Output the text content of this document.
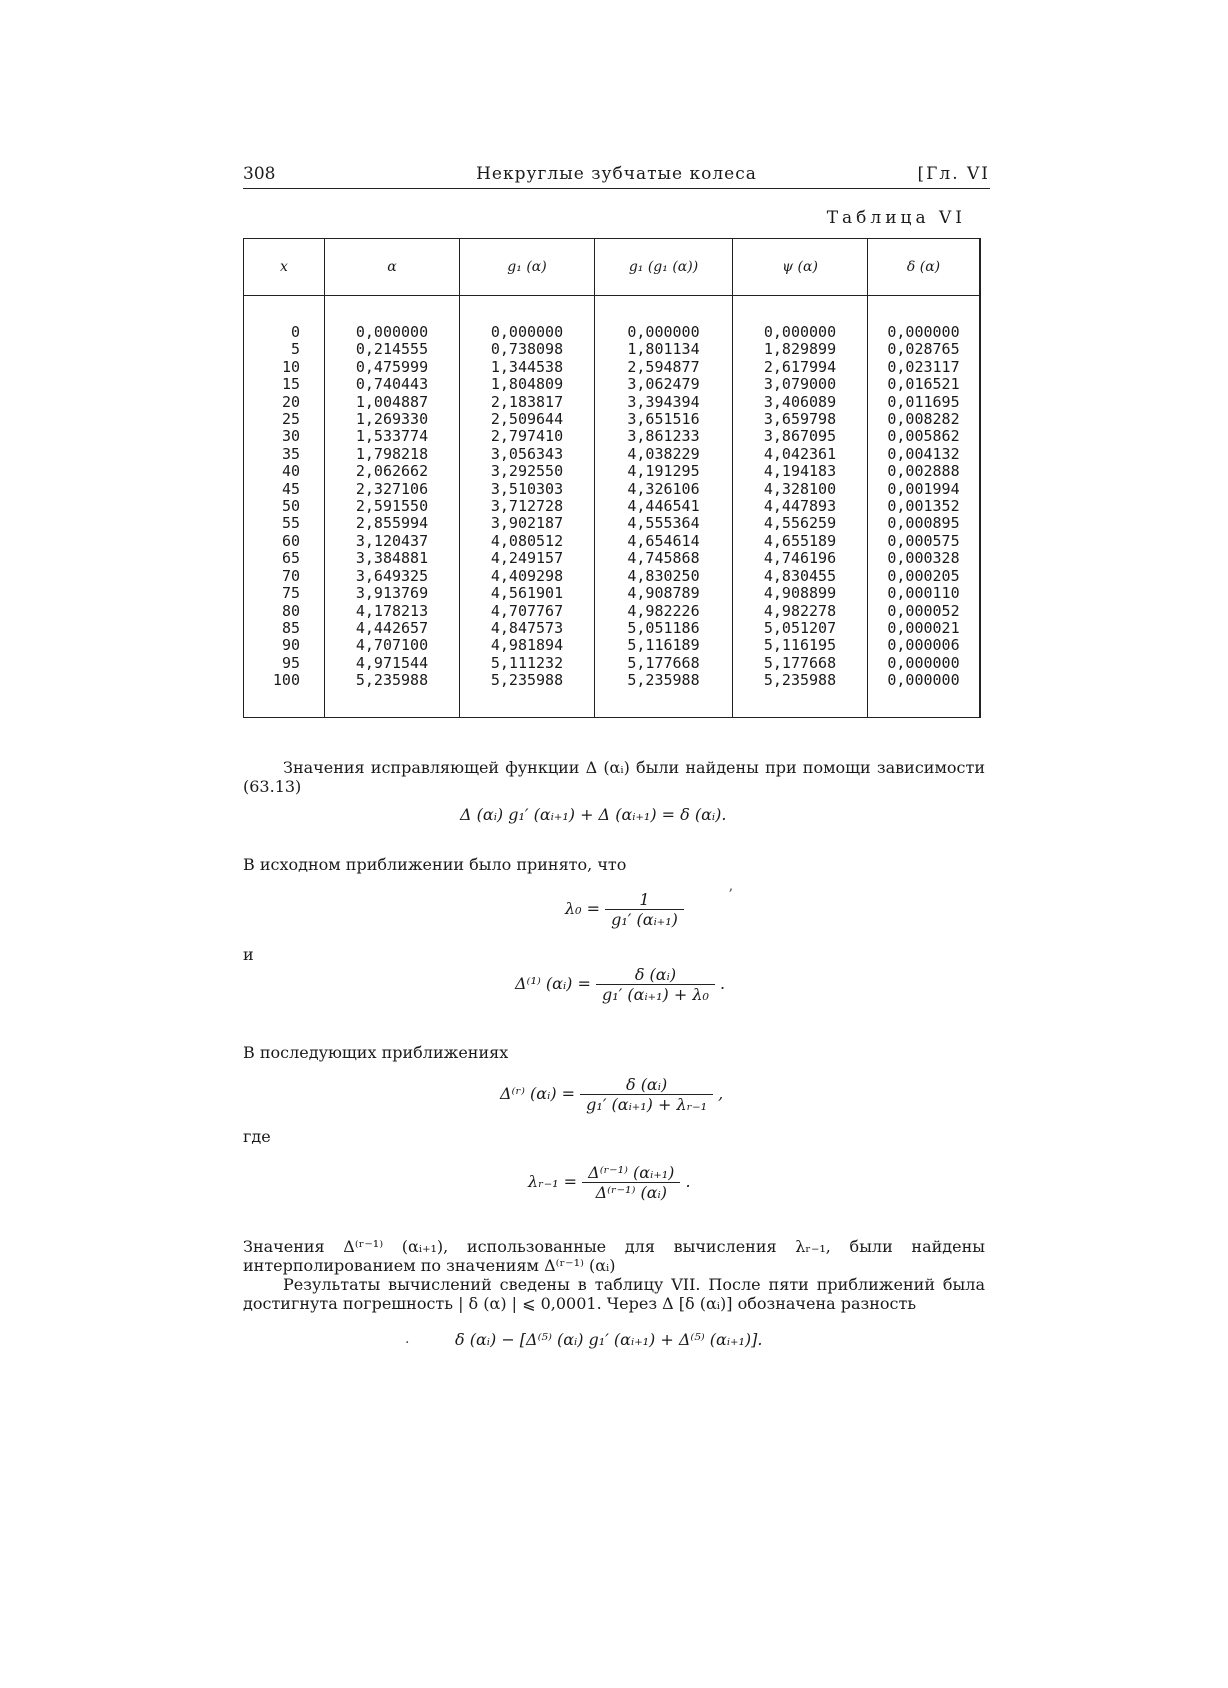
308	Некруглые зубчатые колеса	[Гл. VI
Таблица VI
x
0
5
10
15
20
25
30
35
40
45
50
55
60
65
70
75
80
85
90
95
100
α
0,000000
0,214555
0,475999
0,740443
1,004887
1,269330
1,533774
1,798218
2,062662
2,327106
2,591550
2,855994
3,120437
3,384881
3,649325
3,913769
4,178213
4,442657
4,707100
4,971544
5,235988
g₁ (α)
0,000000
0,738098
1,344538
1,804809
2,183817
2,509644
2,797410
3,056343
3,292550
3,510303
3,712728
3,902187
4,080512
4,249157
4,409298
4,561901
4,707767
4,847573
4,981894
5,111232
5,235988
g₁ (g₁ (α))
0,000000
1,801134
2,594877
3,062479
3,394394
3,651516
3,861233
4,038229
4,191295
4,326106
4,446541
4,555364
4,654614
4,745868
4,830250
4,908789
4,982226
5,051186
5,116189
5,177668
5,235988
ψ (α)
0,000000
1,829899
2,617994
3,079000
3,406089
3,659798
3,867095
4,042361
4,194183
4,328100
4,447893
4,556259
4,655189
4,746196
4,830455
4,908899
4,982278
5,051207
5,116195
5,177668
5,235988
δ (α)
0,000000
0,028765
0,023117
0,016521
0,011695
0,008282
0,005862
0,004132
0,002888
0,001994
0,001352
0,000895
0,000575
0,000328
0,000205
0,000110
0,000052
0,000021
0,000006
0,000000
0,000000
Значения исправляющей функции Δ (αᵢ) были найдены при помощи зависимости (63.13)
Δ (αᵢ) g₁′ (αᵢ₊₁) + Δ (αᵢ₊₁) = δ (αᵢ).
В исходном приближении было принято, что
$\lambda_0 = \frac{1}{\text{g₁′ (αᵢ₊₁)}}$
и
Δ⁽¹⁾ (αᵢ) = $\frac{\text{δ (αᵢ)}}{\text{g₁′ (αᵢ₊₁) + λ₀}}$ .
В последующих приближениях
Δ⁽ʳ⁾ (αᵢ) = $\frac{\text{δ (αᵢ)}}{\text{g₁′ (αᵢ₊₁) + λᵣ₋₁}}$ ,
где
λᵣ₋₁ = $\frac{\text{Δ⁽ʳ⁻¹⁾ (αᵢ₊₁)}}{\text{Δ⁽ʳ⁻¹⁾ (αᵢ)}}$ .
Значения Δ⁽ʳ⁻¹⁾ (αᵢ₊₁), использованные для вычисления λᵣ₋₁, были найдены интерполированием по значениям Δ⁽ʳ⁻¹⁾ (αᵢ)
Результаты вычислений сведены в таблицу VII. После пяти приближений была достигнута погрешность | δ (α) | ⩽ 0,0001. Через Δ [δ (αᵢ)] обозначена разность
δ (αᵢ) − [Δ⁽⁵⁾ (αᵢ) g₁′ (αᵢ₊₁) + Δ⁽⁵⁾ (αᵢ₊₁)].
·
ʼ
